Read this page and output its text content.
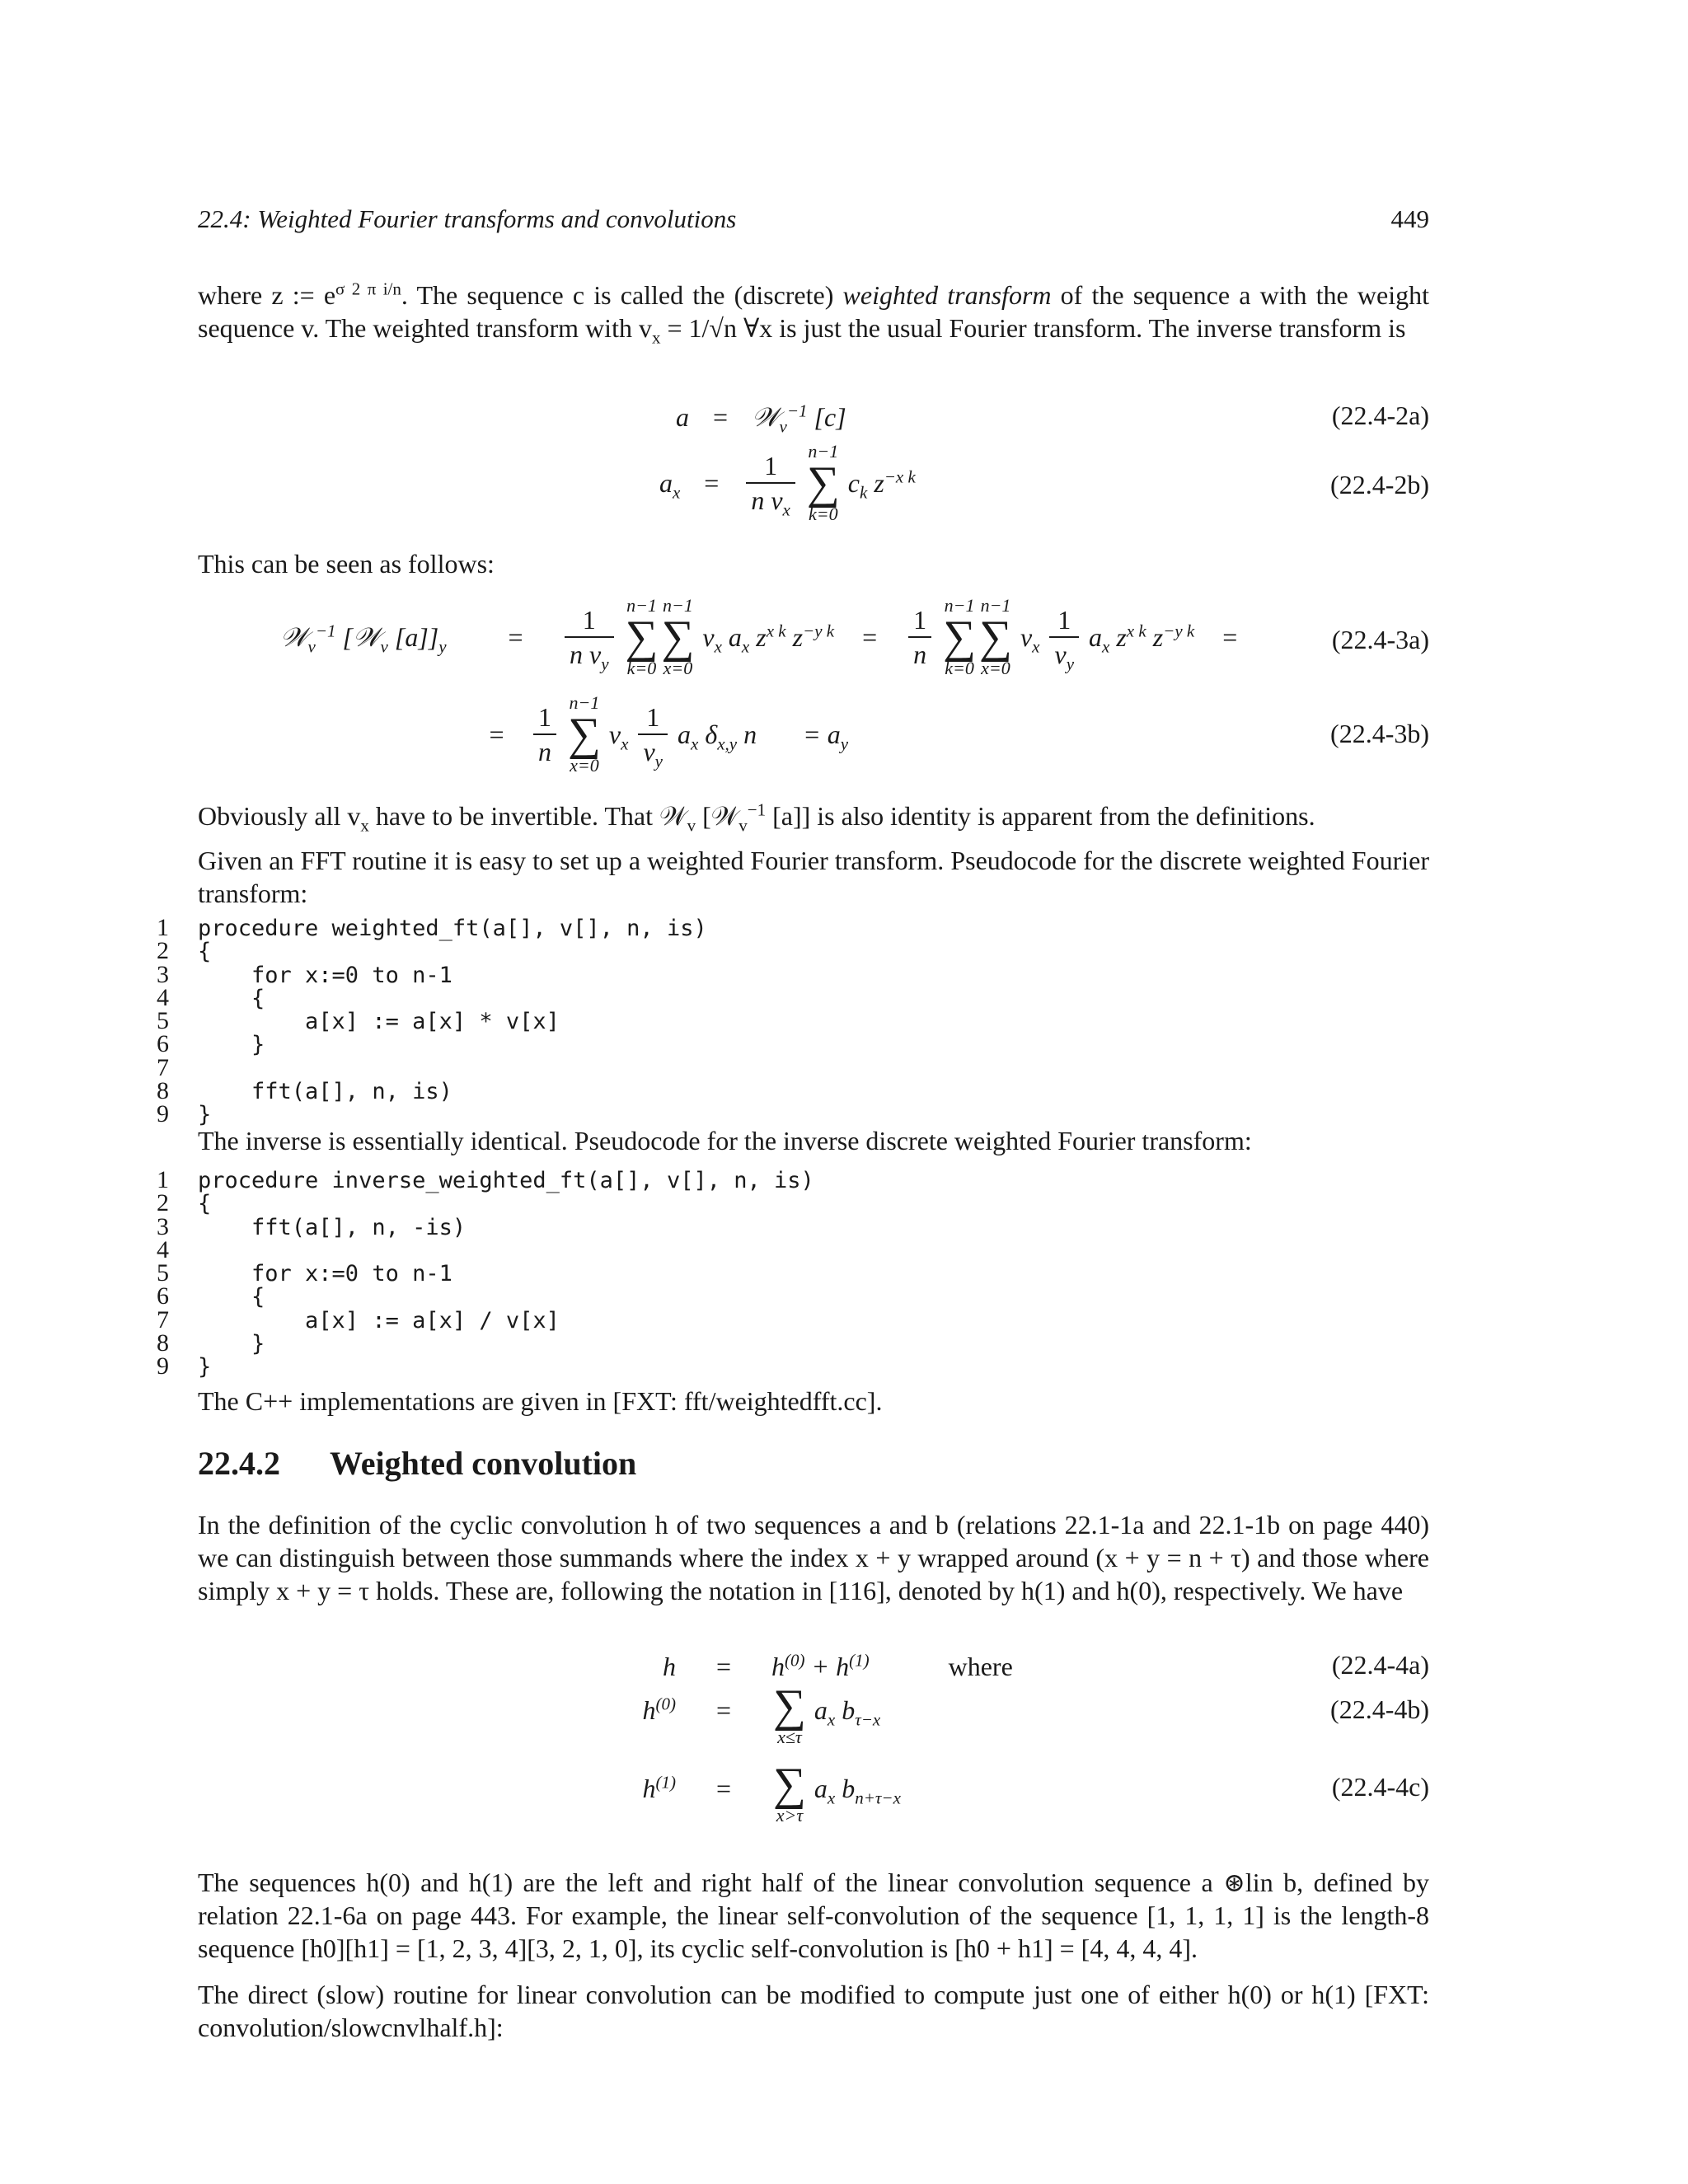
22.4: Weighted Fourier transforms and convolutions	449
where z := $e^{\sigma 2 \pi i/n}$. The sequence c is called the (discrete) weighted transform of the sequence a with the weight sequence v. The weighted transform with $v_x = 1/√n$ ∀x is just the usual Fourier transform. The inverse transform is
a = 𝒲$_v^{-1}$ [c]	(22.4-2a)
$a_x = \frac{1}{n v_x}$
n−1
∑
k=0
$c_k$ $z^{-x k}$	(22.4-2b)
This can be seen as follows:
𝒲$_v^{-1}$ [𝒲$_v$ $[a]]_y = \frac{1}{n v_y}$
n−1
∑
k=0
n−1
∑
x=0
$v_x$ $a_x$ $z^{x k}$ $z^{-y k} = \frac{1}{n}$
n−1
∑
k=0
n−1
∑
x=0
$v_x \frac{1}{v_y} a_x$ $z^{x k}$ $z^{-y k}$ =	(22.4-3a)
= $\frac{1}{n}$
n−1
∑
x=0
$v_x \frac{1}{v_y} a_x$ $\delta_{x,y}$ $n = a_y$	(22.4-3b)
Obviously all $v_x$ have to be invertible. That 𝒲$_v$ [𝒲$_v^{-1}$ [a]] is also identity is apparent from the definitions.
Given an FFT routine it is easy to set up a weighted Fourier transform. Pseudocode for the discrete weighted Fourier transform:
1 procedure weighted_ft(a[], v[], n, is)
2 {
3    for x:=0 to n-1
4    {
5        a[x] := a[x] * v[x]
6    }
7
8    fft(a[], n, is)
9 }
The inverse is essentially identical. Pseudocode for the inverse discrete weighted Fourier transform:
1 procedure inverse_weighted_ft(a[], v[], n, is)
2 {
3    fft(a[], n, -is)
4
5    for x:=0 to n-1
6    {
7        a[x] := a[x] / v[x]
8    }
9 }
The C++ implementations are given in [FXT: fft/weightedfft.cc].
22.4.2 Weighted convolution
In the definition of the cyclic convolution h of two sequences a and b (relations 22.1-1a and 22.1-1b on page 440) we can distinguish between those summands where the index x + y wrapped around (x + y = n + τ) and those where simply x + y = τ holds. These are, following the notation in [116], denoted by h(1) and h(0), respectively. We have
$h = h^{(0)} + h^{(1)}$	where	(22.4-4a)
$h^{(0)}$ = ∑
x≤τ
$a_x$ $b_{\tau-x}$	(22.4-4b)
$h^{(1)}$ = ∑
x>τ
$a_x$ $b_{n+\tau-x}$	(22.4-4c)
The sequences h(0) and h(1) are the left and right half of the linear convolution sequence a ⊛lin b, defined by relation 22.1-6a on page 443. For example, the linear self-convolution of the sequence [1, 1, 1, 1] is the length-8 sequence [h0][h1] = [1, 2, 3, 4][3, 2, 1, 0], its cyclic self-convolution is [h0 + h1] = [4, 4, 4, 4].
The direct (slow) routine for linear convolution can be modified to compute just one of either h(0) or h(1) [FXT: convolution/slowcnvlhalf.h]:
